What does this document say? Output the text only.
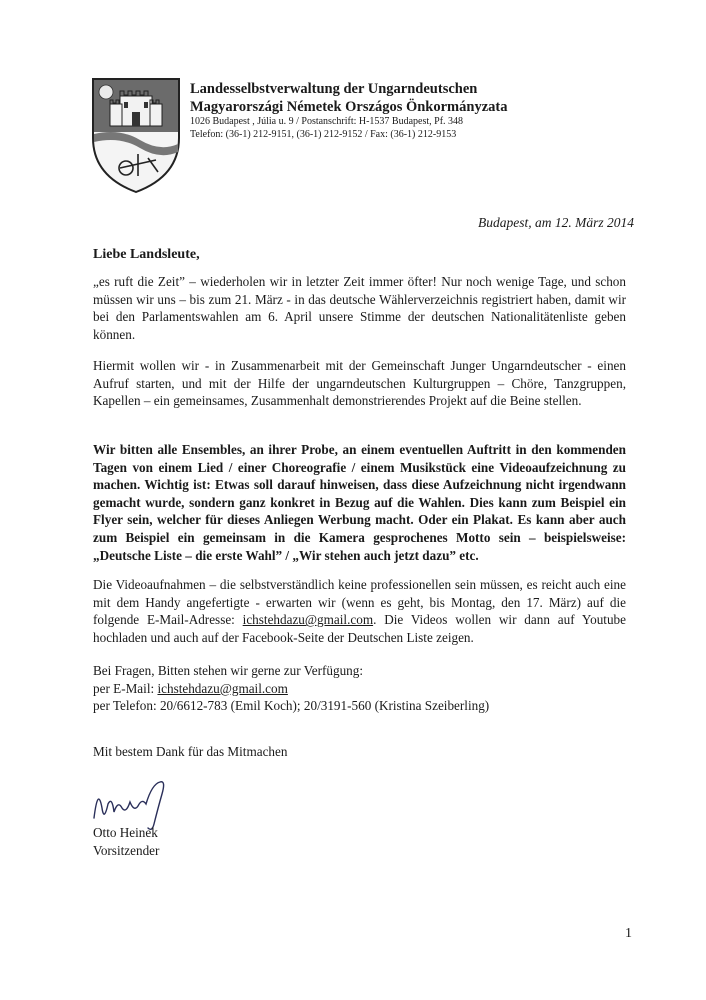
Landesselbstverwaltung der Ungarndeutschen
Magyarországi Németek Országos Önkormányzata
1026 Budapest , Júlia u. 9 / Postanschrift: H-1537 Budapest, Pf. 348
Telefon: (36-1) 212-9151, (36-1) 212-9152 / Fax: (36-1) 212-9153
Budapest, am 12. März 2014
Liebe Landsleute,

„es ruft die Zeit” – wiederholen wir in letzter Zeit immer öfter! Nur noch wenige Tage, und schon müssen wir uns – bis zum 21. März - in das deutsche Wählerverzeichnis registriert haben, damit wir bei den Parlamentswahlen am 6. April unsere Stimme der deutschen Nationalitätenliste geben können.

Hiermit wollen wir - in Zusammenarbeit mit der Gemeinschaft Junger Ungarndeutscher - einen Aufruf starten, und mit der Hilfe der ungarndeutschen Kulturgruppen – Chöre, Tanzgruppen, Kapellen – ein gemeinsames, Zusammenhalt demonstrierendes Projekt auf die Beine stellen.

Wir bitten alle Ensembles, an ihrer Probe, an einem eventuellen Auftritt in den kommenden Tagen von einem Lied / einer Choreografie / einem Musikstück eine Videoaufzeichnung zu machen. Wichtig ist: Etwas soll darauf hinweisen, dass diese Aufzeichnung nicht irgendwann gemacht wurde, sondern ganz konkret in Bezug auf die Wahlen. Dies kann zum Beispiel ein Flyer sein, welcher für dieses Anliegen Werbung macht. Oder ein Plakat. Es kann aber auch zum Beispiel ein gemeinsam in die Kamera gesprochenes Motto sein – beispielsweise: „Deutsche Liste – die erste Wahl” / „Wir stehen auch jetzt dazu” etc.

Die Videoaufnahmen – die selbstverständlich keine professionellen sein müssen, es reicht auch eine mit dem Handy angefertigte - erwarten wir (wenn es geht, bis Montag, den 17. März) auf die folgende E-Mail-Adresse: ichstehdazu@gmail.com. Die Videos wollen wir dann auf Youtube hochladen und auch auf der Facebook-Seite der Deutschen Liste zeigen.

Bei Fragen, Bitten stehen wir gerne zur Verfügung:
per E-Mail: ichstehdazu@gmail.com
per Telefon: 20/6612-783 (Emil Koch); 20/3191-560 (Kristina Szeiberling)
Mit bestem Dank für das Mitmachen
Otto Heinek
Vorsitzender
1
